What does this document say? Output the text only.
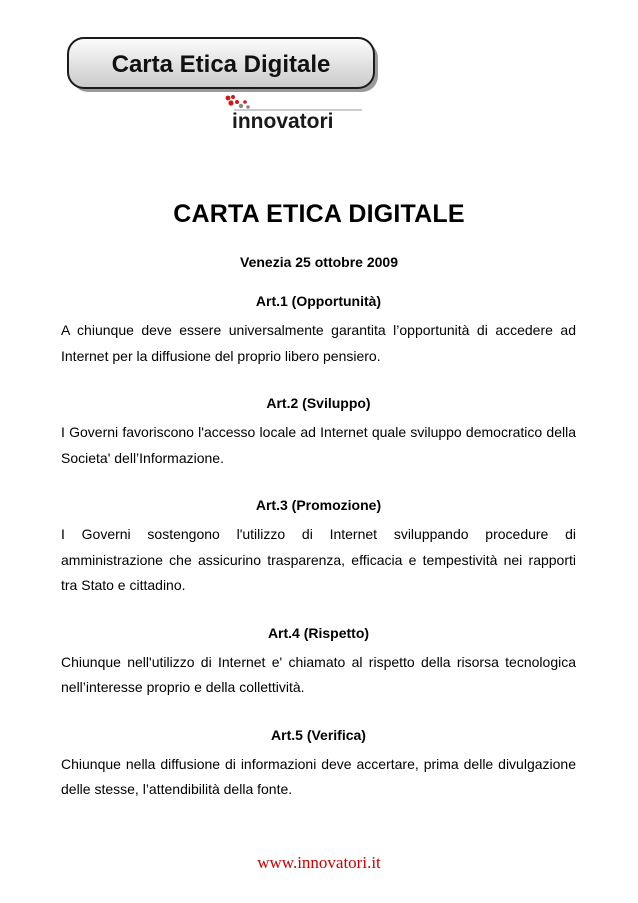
Carta Etica Digitale
innovatori
CARTA ETICA DIGITALE
Venezia 25 ottobre 2009
Art.1 (Opportunità)
A chiunque deve essere universalmente garantita l’opportunità di accedere ad Internet per la diffusione del proprio libero pensiero.
Art.2 (Sviluppo)
I Governi favoriscono l'accesso locale ad Internet quale sviluppo democratico della Societa' dell’Informazione.
Art.3 (Promozione)
I Governi sostengono l'utilizzo di Internet sviluppando procedure di amministrazione che assicurino trasparenza, efficacia e tempestività nei rapporti tra Stato e cittadino.
Art.4 (Rispetto)
Chiunque nell'utilizzo di Internet e' chiamato al rispetto della risorsa tecnologica nell’interesse proprio e della collettività.
Art.5 (Verifica)
Chiunque nella diffusione di informazioni deve accertare, prima delle divulgazione delle stesse, l’attendibilità della fonte.
www.innovatori.it
